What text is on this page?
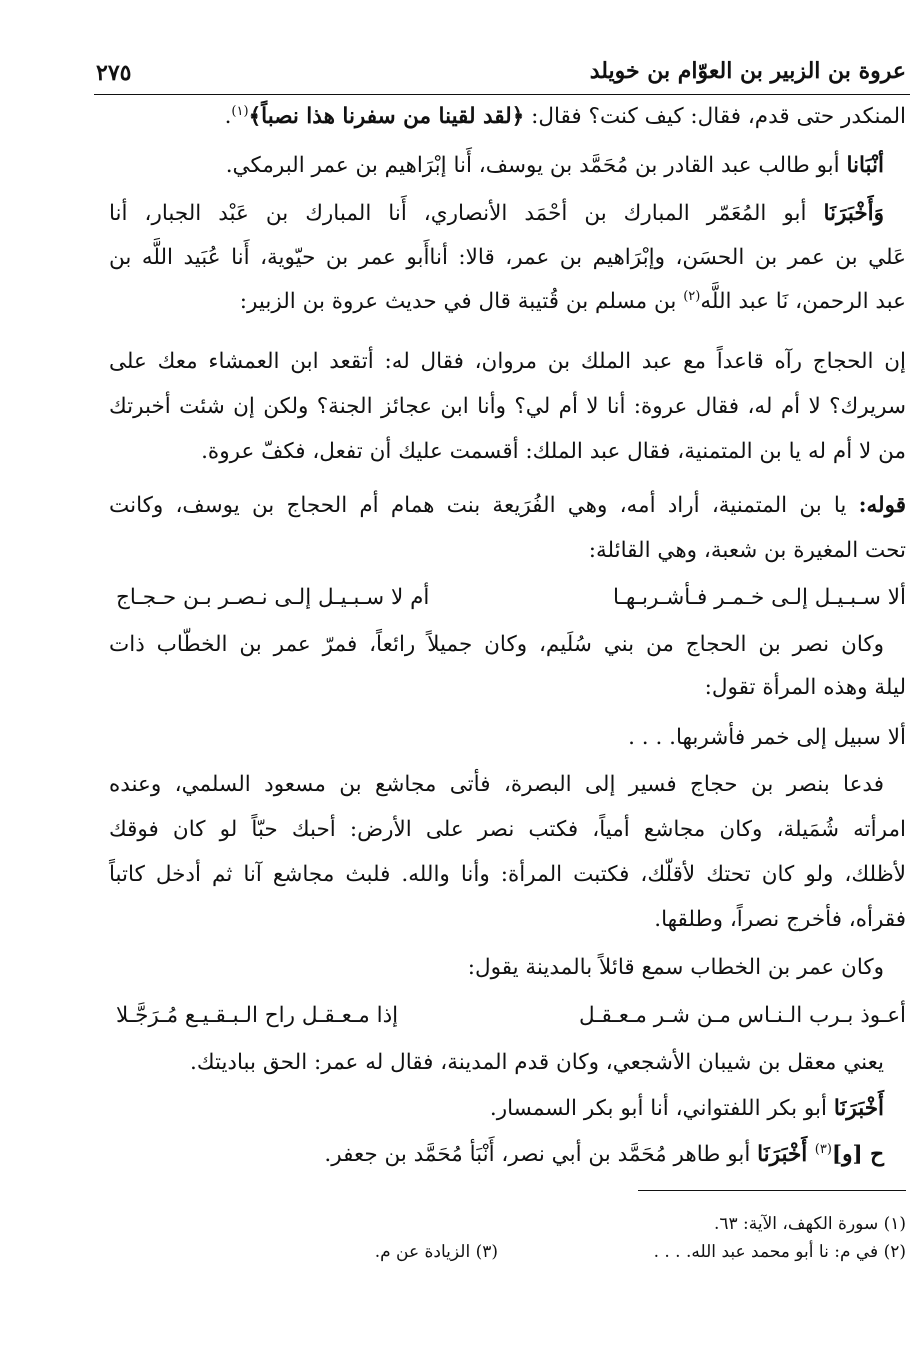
عروة بن الزبير بن العوّام بن خويلد
٢٧٥
المنكدر حتى قدم، فقال: كيف كنت؟ فقال: ﴿لقد لقينا من سفرنا هذا نصباً﴾$^{(١)}$.
أنْبَانا أبو طالب عبد القادر بن مُحَمَّد بن يوسف، أَنا إبْرَاهيم بن عمر البرمكي.
وَأَخْبَرَنَا أبو المُعَمّر المبارك بن أحْمَد الأنصاري، أَنا المبارك بن عَبْد الجبار، أنا
عَلي بن عمر بن الحسَن، وإبْرَاهيم بن عمر، قالا: أناأَبو عمر بن حيّوية، أَنا عُبَيد اللَّه بن
عبد الرحمن، نَا عبد اللَّه$^{(٢)}$ بن مسلم بن قُتيبة قال في حديث عروة بن الزبير:
إن الحجاج رآه قاعداً مع عبد الملك بن مروان، فقال له: أتقعد ابن العمشاء معك على
سريرك؟ لا أم له، فقال عروة: أنا لا أم لي؟ وأنا ابن عجائز الجنة؟ ولكن إن شئت أخبرتك
من لا أم له يا بن المتمنية، فقال عبد الملك: أقسمت عليك أن تفعل، فكفّ عروة.
قوله: يا بن المتمنية، أراد أمه، وهي الفُرَيعة بنت همام أم الحجاج بن يوسف، وكانت
تحت المغيرة بن شعبة، وهي القائلة:
ألا سـبـيـل إلـى خـمـر فـأشـربـهـا
أم لا سـبـيـل إلـى نـصـر بـن حـجـاج
وكان نصر بن الحجاج من بني سُلَيم، وكان جميلاً رائعاً، فمرّ عمر بن الخطّاب ذات
ليلة وهذه المرأة تقول:
ألا سبيل إلى خمر فأشربها. . . .
فدعا بنصر بن حجاج فسير إلى البصرة، فأتى مجاشع بن مسعود السلمي، وعنده
امرأته شُمَيلة، وكان مجاشع أمياً، فكتب نصر على الأرض: أحبك حبّاً لو كان فوقك
لأظلك، ولو كان تحتك لأقلّك، فكتبت المرأة: وأنا والله. فلبث مجاشع آنا ثم أدخل كاتباً
فقرأه، فأخرج نصراً، وطلقها.
وكان عمر بن الخطاب سمع قائلاً بالمدينة يقول:
أعـوذ بـرب الـنـاس مـن شـر مـعـقـل
إذا مـعـقـل راح الـبـقـيـع مُـرَجَّـلا
يعني معقل بن شيبان الأشجعي، وكان قدم المدينة، فقال له عمر: الحق بباديتك.
أَخْبَرَنَا أبو بكر اللفتواني، أنا أبو بكر السمسار.
ح [و]$^{(٣)}$ أَخْبَرَنَا أبو طاهر مُحَمَّد بن أبي نصر، أَنْبَأ مُحَمَّد بن جعفر.
(١) سورة الكهف، الآية: ٦٣.
(٢) في م: نا أبو محمد عبد الله. . . .
(٣) الزيادة عن م.
